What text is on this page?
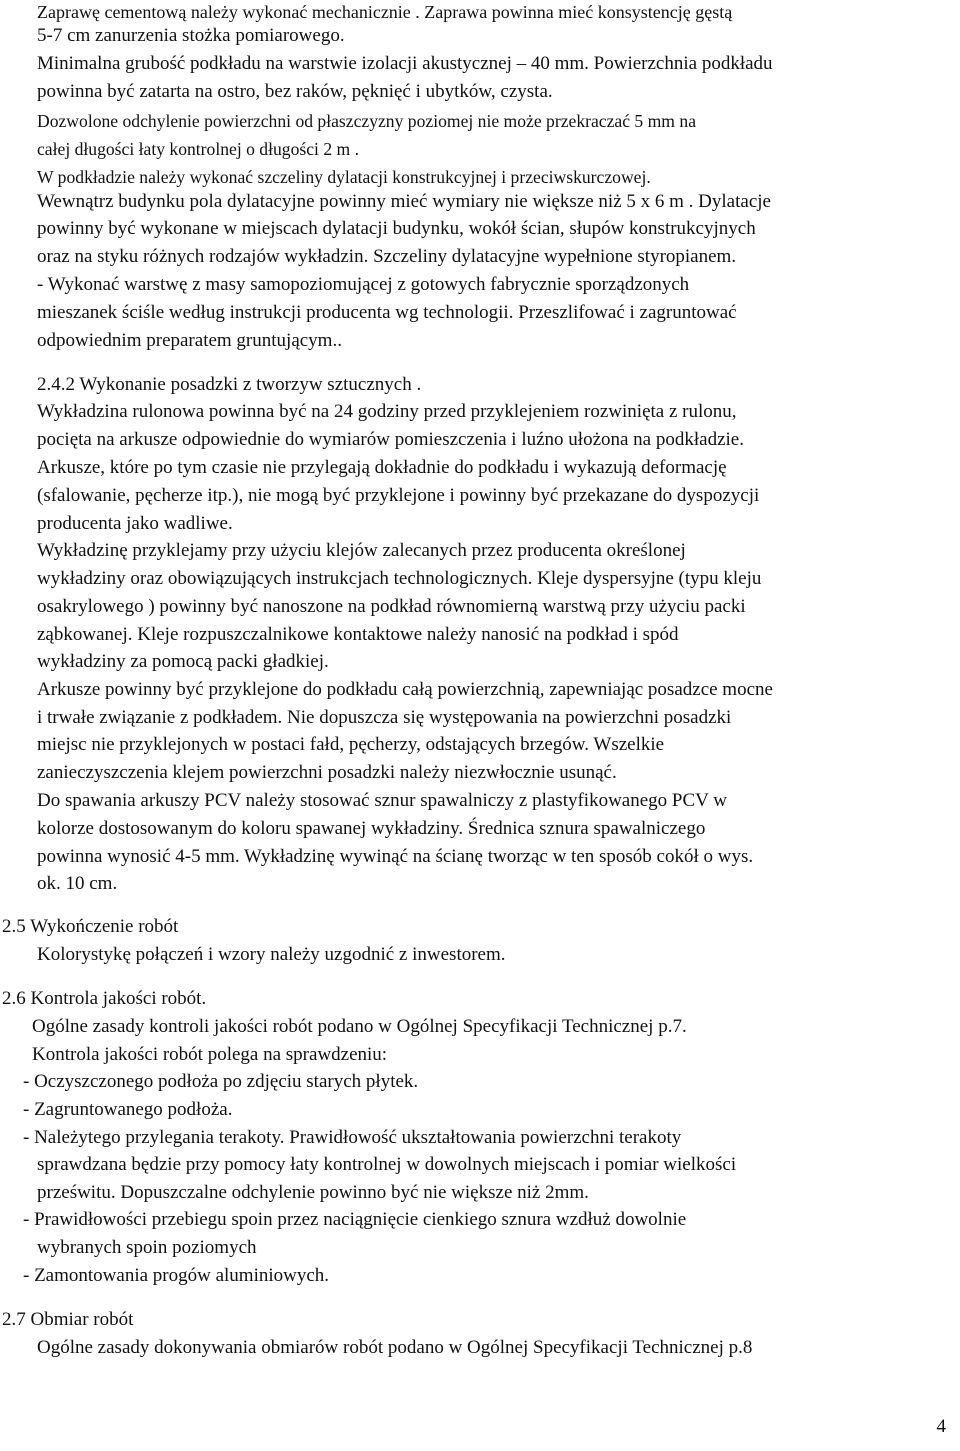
Zaprawę cementową należy wykonać mechanicznie . Zaprawa powinna mieć konsystencję gęstą
5-7 cm zanurzenia stożka pomiarowego.
Minimalna grubość podkładu na warstwie izolacji akustycznej – 40 mm. Powierzchnia podkładu
powinna być zatarta na ostro, bez raków, pęknięć i ubytków, czysta.
Dozwolone odchylenie powierzchni od płaszczyzny poziomej nie może przekraczać 5 mm na
całej długości łaty kontrolnej o długości 2 m .
W podkładzie należy wykonać szczeliny dylatacji konstrukcyjnej i przeciwskurczowej.
Wewnątrz budynku pola dylatacyjne powinny mieć wymiary nie większe niż 5 x 6 m . Dylatacje
powinny być wykonane w miejscach dylatacji budynku, wokół ścian, słupów konstrukcyjnych
oraz na styku różnych rodzajów wykładzin. Szczeliny dylatacyjne wypełnione styropianem.
- Wykonać warstwę z masy samopoziomującej z gotowych fabrycznie sporządzonych
mieszanek ściśle według instrukcji producenta wg technologii. Przeszlifować i zagruntować
odpowiednim preparatem gruntującym..
2.4.2 Wykonanie posadzki z tworzyw sztucznych .
Wykładzina rulonowa powinna być na 24 godziny przed przyklejeniem rozwinięta z rulonu,
pocięta na arkusze odpowiednie do wymiarów pomieszczenia i luźno ułożona na podkładzie.
Arkusze, które po tym czasie nie przylegają dokładnie do podkładu i wykazują deformację
(sfalowanie, pęcherze itp.), nie mogą być przyklejone i powinny być przekazane do dyspozycji
producenta jako wadliwe.
Wykładzinę przyklejamy przy użyciu klejów zalecanych przez producenta określonej
wykładziny oraz obowiązujących instrukcjach technologicznych. Kleje dyspersyjne (typu kleju
osakrylowego ) powinny być nanoszone na podkład równomierną warstwą przy użyciu packi
ząbkowanej. Kleje rozpuszczalnikowe kontaktowe należy nanosić na podkład i spód
wykładziny za pomocą packi gładkiej.
Arkusze powinny być przyklejone do podkładu całą powierzchnią, zapewniając posadzce mocne
i trwałe związanie z podkładem. Nie dopuszcza się występowania na powierzchni posadzki
miejsc nie przyklejonych w postaci fałd, pęcherzy, odstających brzegów. Wszelkie
zanieczyszczenia klejem powierzchni posadzki należy niezwłocznie usunąć.
Do spawania arkuszy PCV należy stosować sznur spawalniczy z plastyfikowanego PCV w
kolorze dostosowanym do koloru spawanej wykładziny. Średnica sznura spawalniczego
powinna wynosić 4-5 mm. Wykładzinę wywinąć na ścianę tworząc w ten sposób cokół o wys.
ok. 10 cm.
2.5 Wykończenie robót
Kolorystykę połączeń i wzory należy uzgodnić z inwestorem.
2.6 Kontrola jakości robót.
Ogólne zasady kontroli jakości robót podano w Ogólnej Specyfikacji Technicznej p.7.
Kontrola jakości robót polega na sprawdzeniu:
- Oczyszczonego podłoża po zdjęciu starych płytek.
- Zagruntowanego podłoża.
- Należytego przylegania terakoty. Prawidłowość ukształtowania powierzchni terakoty
sprawdzana będzie przy pomocy łaty kontrolnej w dowolnych miejscach i pomiar wielkości
prześwitu. Dopuszczalne odchylenie powinno być nie większe niż 2mm.
- Prawidłowości przebiegu spoin przez naciągnięcie cienkiego sznura wzdłuż dowolnie
wybranych spoin poziomych
- Zamontowania progów aluminiowych.
2.7 Obmiar robót
Ogólne zasady dokonywania obmiarów robót podano w Ogólnej Specyfikacji Technicznej p.8
4
